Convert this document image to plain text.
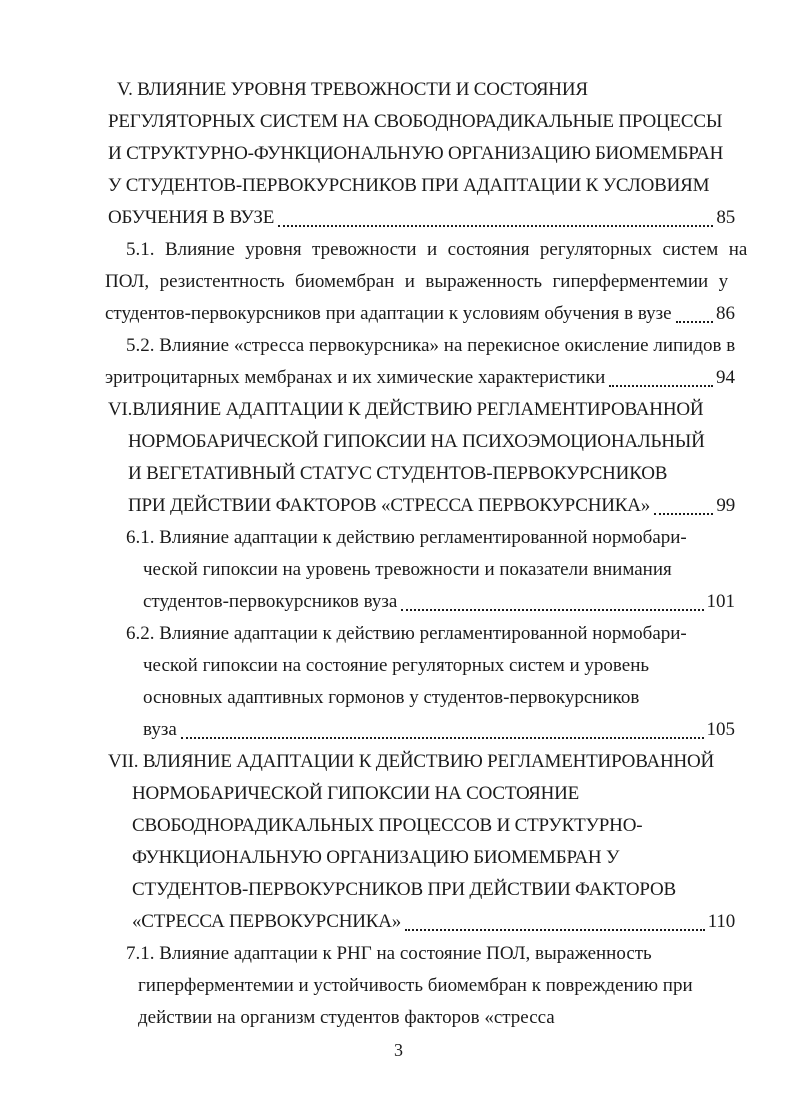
V. ВЛИЯНИЕ УРОВНЯ ТРЕВОЖНОСТИ И СОСТОЯНИЯ
РЕГУЛЯТОРНЫХ СИСТЕМ НА СВОБОДНОРАДИКАЛЬНЫЕ ПРОЦЕССЫ
И СТРУКТУРНО-ФУНКЦИОНАЛЬНУЮ ОРГАНИЗАЦИЮ БИОМЕМБРАН
У СТУДЕНТОВ-ПЕРВОКУРСНИКОВ ПРИ АДАПТАЦИИ К УСЛОВИЯМ
ОБУЧЕНИЯ В ВУЗЕ	85
5.1. Влияние уровня тревожности и состояния регуляторных систем на
ПОЛ, резистентность биомембран и выраженность гиперферментемии у
студентов-первокурсников при адаптации к условиям обучения в вузе 86
5.2. Влияние «стресса первокурсника» на перекисное окисление липидов в
эритроцитарных мембранах и их химические характеристики	94
VI.ВЛИЯНИЕ АДАПТАЦИИ К ДЕЙСТВИЮ РЕГЛАМЕНТИРОВАННОЙ
НОРМОБАРИЧЕСКОЙ ГИПОКСИИ НА ПСИХОЭМОЦИОНАЛЬНЫЙ
И ВЕГЕТАТИВНЫЙ СТАТУС СТУДЕНТОВ-ПЕРВОКУРСНИКОВ
ПРИ ДЕЙСТВИИ ФАКТОРОВ «СТРЕССА ПЕРВОКУРСНИКА»	99
6.1. Влияние адаптации к действию регламентированной нормобари-
ческой гипоксии на уровень тревожности и показатели внимания
студентов-первокурсников вуза	101
6.2. Влияние адаптации к действию регламентированной нормобари-
ческой гипоксии на состояние регуляторных систем и уровень
основных адаптивных гормонов у студентов-первокурсников
вуза	105
VII. ВЛИЯНИЕ АДАПТАЦИИ К ДЕЙСТВИЮ РЕГЛАМЕНТИРОВАННОЙ
НОРМОБАРИЧЕСКОЙ ГИПОКСИИ НА СОСТОЯНИЕ
СВОБОДНОРАДИКАЛЬНЫХ ПРОЦЕССОВ И СТРУКТУРНО-
ФУНКЦИОНАЛЬНУЮ ОРГАНИЗАЦИЮ БИОМЕМБРАН У
СТУДЕНТОВ-ПЕРВОКУРСНИКОВ ПРИ ДЕЙСТВИИ ФАКТОРОВ
«СТРЕССА ПЕРВОКУРСНИКА»	110
7.1. Влияние адаптации к РНГ на состояние ПОЛ, выраженность
гиперферментемии и устойчивость биомембран к повреждению при
действии на организм студентов факторов «стресса
3
